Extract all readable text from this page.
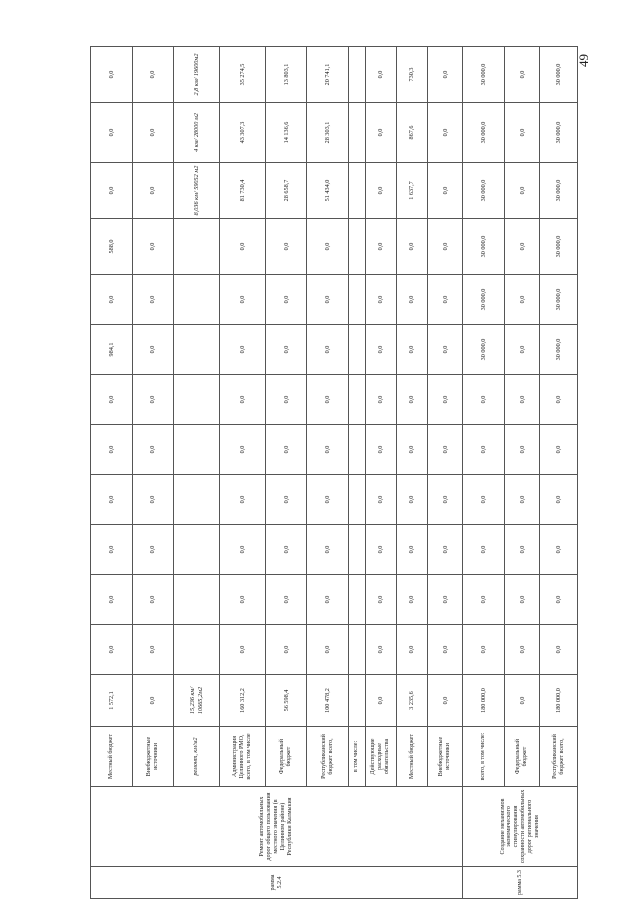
49
рамма 5.2.4	Ремонт автомобильных дорог общего пользования местного значения (в Целинном районе) Республики Калмыкия	Местный бюджет	1 572,1	0,0	0,0	0,0	0,0	0,0	0,0	984,1	0,0	588,0	0,0	0,0	0,0
		Внебюджетные источники	0,0	0,0	0,0	0,0	0,0	0,0	0,0	0,0	0,0	0,0	0,0	0,0	0,0
		ремонт, км/м2	15,236 км/ 10665,2м2										8,036 км/ 59052 м2	4 км/ 28000 м2	2,8 км/ 19600м2
		Администрация Целинного РМО, всего, в том числе	160 312,2	0,0	0,0	0,0	0,0	0,0	0,0	0,0	0,0	0,0	81 730,4	43 307,3	35 274,5
		Федеральный бюджет	56 598,4	0,0	0,0	0,0	0,0	0,0	0,0	0,0	0,0	0,0	28 658,7	14 136,6	13 803,1
		Республиканский бюджет всего,	100 478,2	0,0	0,0	0,0	0,0	0,0	0,0	0,0	0,0	0,0	51 434,0	28 303,1	20 741,1
		в том числе:													
		Действующие расходные обязательства	0,0	0,0	0,0	0,0	0,0	0,0	0,0	0,0	0,0	0,0	0,0	0,0	0,0
		Местный бюджет	3 235,6	0,0	0,0	0,0	0,0	0,0	0,0	0,0	0,0	0,0	1 637,7	867,6	730,3
		Внебюджетные источники	0,0	0,0	0,0	0,0	0,0	0,0	0,0	0,0	0,0	0,0	0,0	0,0	0,0
рамма 5.3	Создание механизмов экономического стимулирования сохранности автомобильных дорог регионального значения	всего, в том числе:	180 000,0	0,0	0,0	0,0	0,0	0,0	0,0	30 000,0	30 000,0	30 000,0	30 000,0	30 000,0	30 000,0
		Федеральный бюджет	0,0	0,0	0,0	0,0	0,0	0,0	0,0	0,0	0,0	0,0	0,0	0,0	0,0
		Республиканский бюджет всего,	180 000,0	0,0	0,0	0,0	0,0	0,0	0,0	30 000,0	30 000,0	30 000,0	30 000,0	30 000,0	30 000,0
